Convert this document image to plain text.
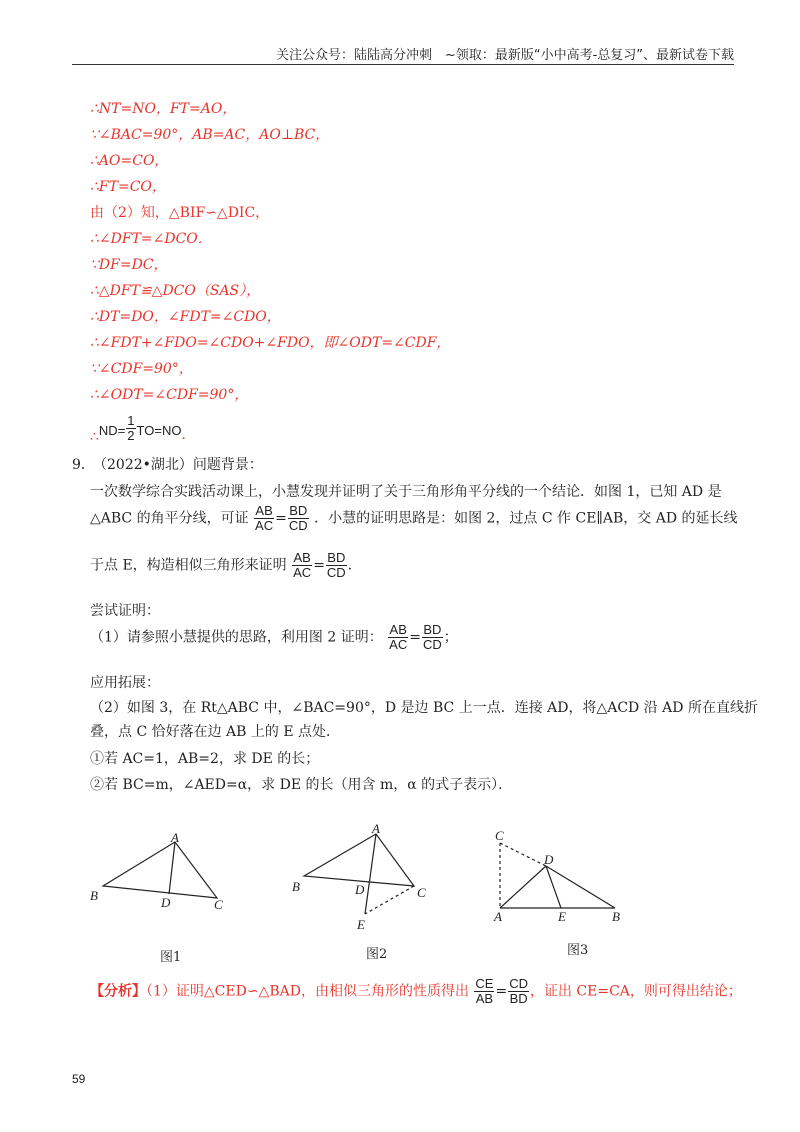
关注公众号：陆陆高分冲刺　~领取：最新版“小中高考-总复习”、最新试卷下载
∴NT=NO，FT=AO，
∵∠BAC=90°，AB=AC，AO⊥BC，
∴AO=CO，
∴FT=CO，
由（2）知，△BIF∽△DIC，
∴∠DFT=∠DCO．
∵DF=DC，
∴△DFT≌△DCO（SAS），
∴DT=DO，∠FDT=∠CDO，
∴∠FDT+∠FDO=∠CDO+∠FDO，即∠ODT=∠CDF，
∵∠CDF=90°，
∴∠ODT=∠CDF=90°，
∴ND= $\frac{1}{2} TO=NO$．
9．
（2022•湖北）问题背景：
一次数学综合实践活动课上，小慧发现并证明了关于三角形角平分线的一个结论．如图 1，已知 AD 是
△ABC 的角平分线，可证 $\frac{AB}{AC} = \frac{BD}{CD}$ ．小慧的证明思路是：如图 2，过点 C 作 CE∥AB，交 AD 的延长线
于点 E，构造相似三角形来证明 $\frac{AB}{AC} = \frac{BD}{CD}$ ．
尝试证明：
（1）请参照小慧提供的思路，利用图 2 证明： $\frac{AB}{AC} = \frac{BD}{CD}$ ；
应用拓展：
（2）如图 3，在 Rt△ABC 中，∠BAC=90°，D 是边 BC 上一点．连接 AD，将△ACD 沿 AD 所在直线折
叠，点 C 恰好落在边 AB 上的 E 点处．
①若 AC=1，AB=2，求 DE 的长；
②若 BC=m，∠AED=α，求 DE 的长（用含 m，α 的式子表示）．
A
B
C
D
A
B	C
D
E
C
D
A	E	B
图1	图2	图3
【分析】（1）证明△CED∽△BAD，由相似三角形的性质得出 $\frac{CE}{AB} = \frac{CD}{BD}$ ，证出 CE=CA，则可得出结论；
59
